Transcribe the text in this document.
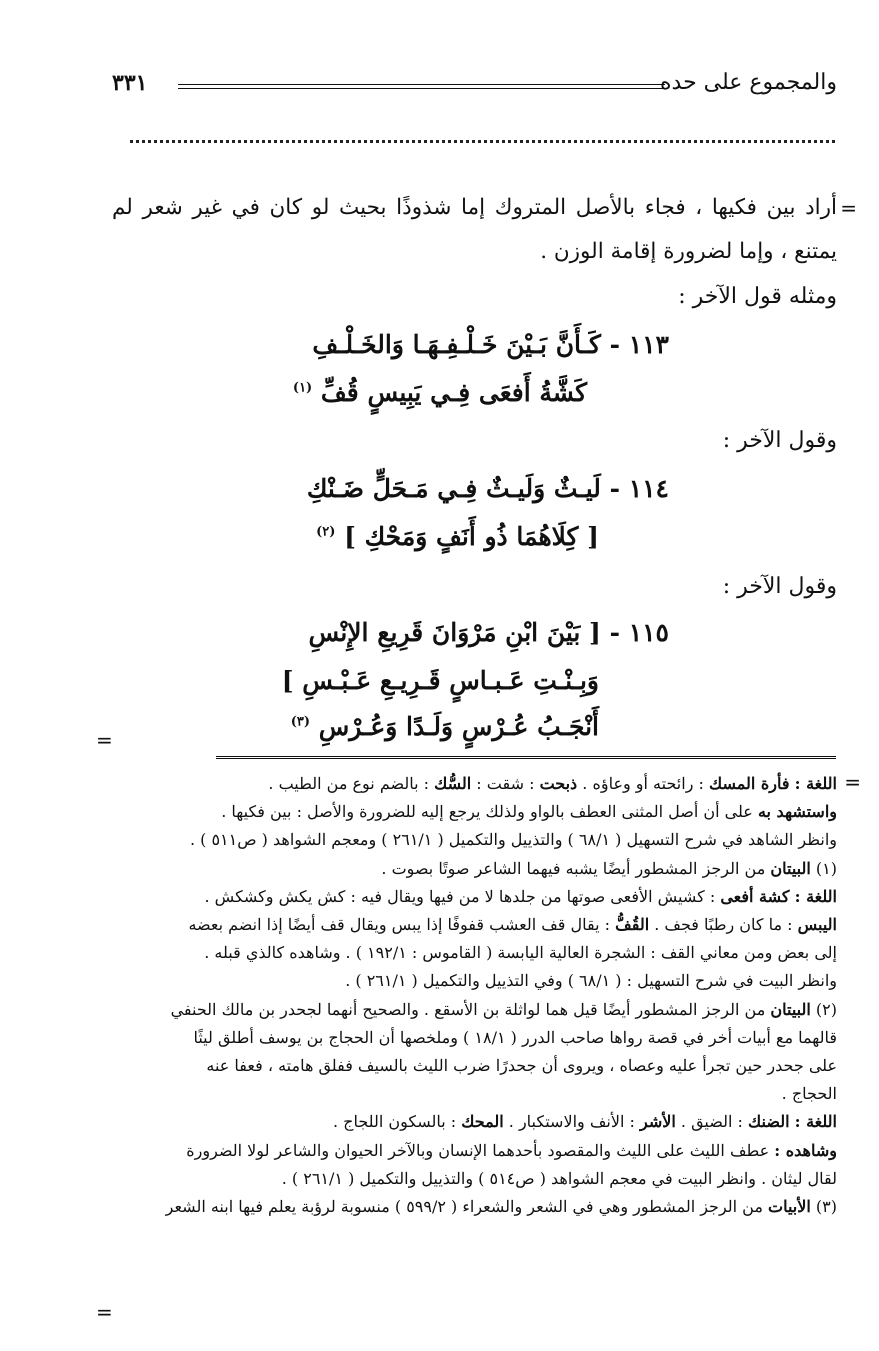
٣٣١	والمجموع على حده
=
=
=
=

أراد بين فكيها ، فجاء بالأصل المتروك إما شذوذًا بحيث لو كان في غير شعر لم يمتنع ، وإما لضرورة إقامة الوزن .

ومثله قول الآخر :
١١٣ - كَـأَنَّ بَـيْنَ خَـلْـفِـهَـا وَالخَـلْـفِ
كَشَّةُ أَفعَى فِـي يَبِيسٍ قُفِّ $^{(١)}$
وقول الآخر :
١١٤ - لَيـثٌ وَلَيـثٌ فِـي مَـحَلٍّ ضَـنْكِ
[ كِلَاهُمَا ذُو أَنَفٍ وَمَحْكِ ] $^{(٢)}$
وقول الآخر :
١١٥ - [ بَيْنَ ابْنِ مَرْوَانَ قَرِيعِ الإِنْسِ
وَبِـنْـتِ عَـبـاسٍ قَـرِيـعِ عَـبْـسِ ]
أَنْجَـبُ عُـرْسٍ وَلَـدًا وَعُـرْسِ $^{(٣)}$

اللغة : فأرة المسك : رائحته أو وعاؤه . ذبحت : شقت : السُّك : بالضم نوع من الطيب .

واستشهد به على أن أصل المثنى العطف بالواو ولذلك يرجع إليه للضرورة والأصل : بين فكيها .

وانظر الشاهد في شرح التسهيل ( ٦٨/١ ) والتذييل والتكميل ( ٢٦١/١ ) ومعجم الشواهد ( ص٥١١ ) .

(١) البيتان من الرجز المشطور أيضًا يشبه فيهما الشاعر صوتًا بصوت .

اللغة : كشة أفعى : كشيش الأفعى صوتها من جلدها لا من فيها ويقال فيه : كش يكش وكشكش .

اليبس : ما كان رطبًا فجف . القُفُّ : يقال قف العشب قفوفًا إذا يبس ويقال قف أيضًا إذا انضم بعضه

إلى بعض ومن معاني القف : الشجرة العالية اليابسة ( القاموس : ١٩٢/١ ) . وشاهده كالذي قبله .

وانظر البيت في شرح التسهيل : ( ٦٨/١ ) وفي التذييل والتكميل ( ٢٦١/١ ) .

(٢) البيتان من الرجز المشطور أيضًا قيل هما لواثلة بن الأسقع . والصحيح أنهما لجحدر بن مالك الحنفي

قالهما مع أبيات أخر في قصة رواها صاحب الدرر ( ١٨/١ ) وملخصها أن الحجاج بن يوسف أطلق ليثًا

على جحدر حين تجرأ عليه وعصاه ، ويروى أن جحدرًا ضرب الليث بالسيف ففلق هامته ، فعفا عنه

الحجاج .

اللغة : الضنك : الضيق . الأشر : الأنف والاستكبار . المحك : بالسكون اللجاج .

وشاهده : عطف الليث على الليث والمقصود بأحدهما الإنسان وبالآخر الحيوان والشاعر لولا الضرورة

لقال ليثان . وانظر البيت في معجم الشواهد ( ص٥١٤ ) والتذييل والتكميل ( ٢٦١/١ ) .

(٣) الأبيات من الرجز المشطور وهي في الشعر والشعراء ( ٥٩٩/٢ ) منسوبة لرؤبة يعلم فيها ابنه الشعر
